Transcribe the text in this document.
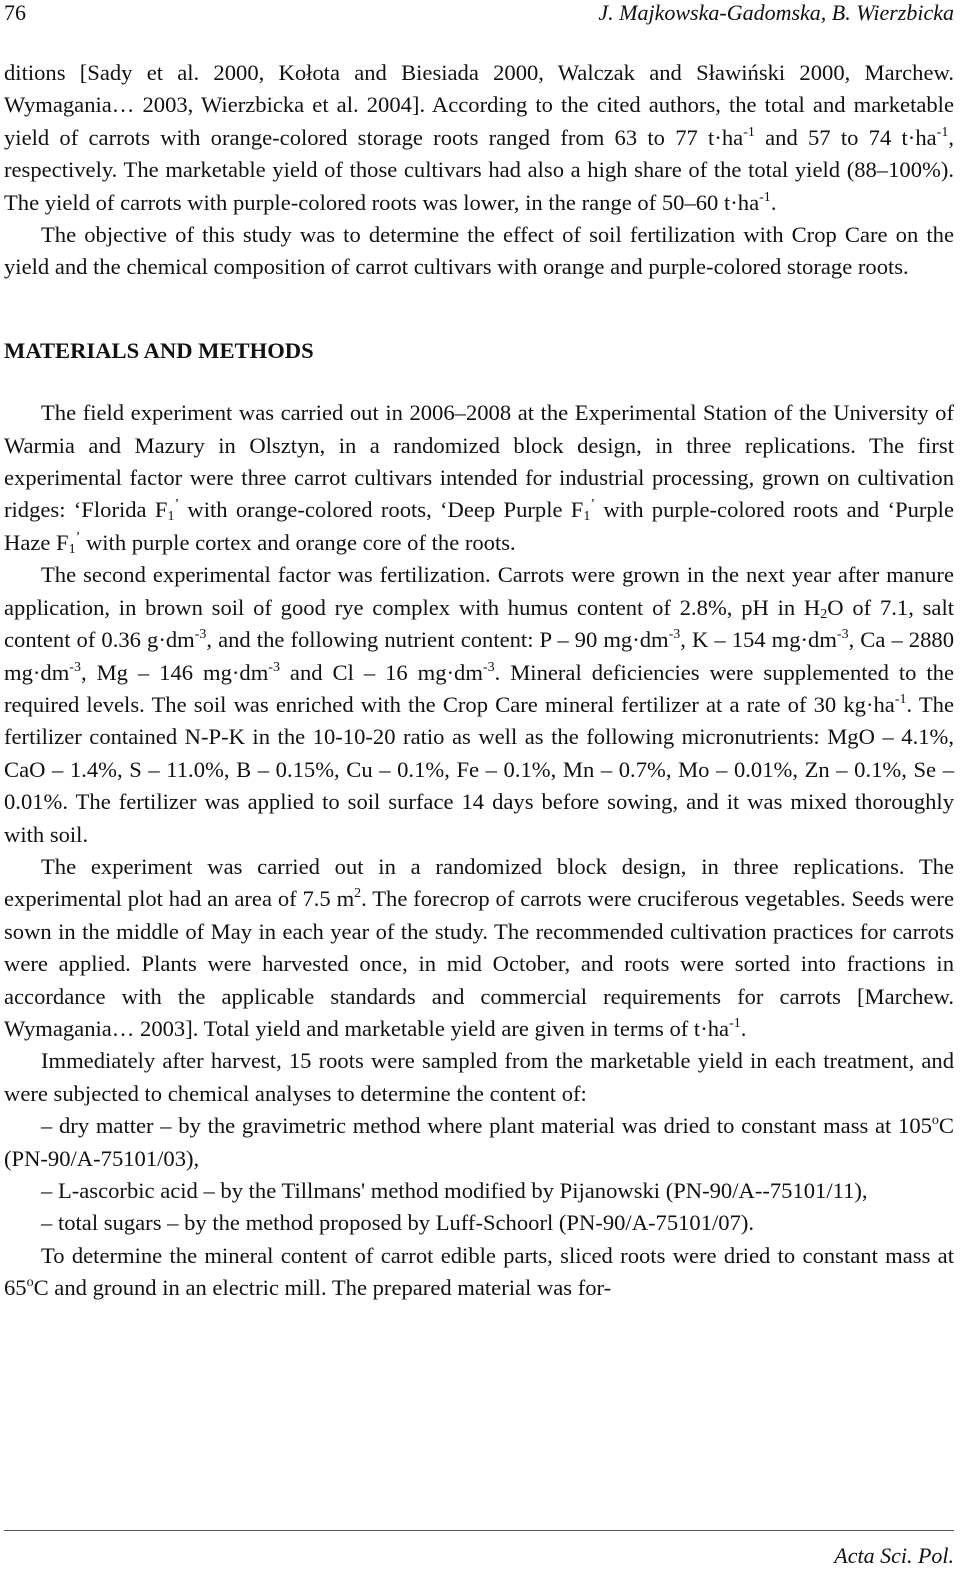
76	J. Majkowska-Gadomska, B. Wierzbicka

ditions [Sady et al. 2000, Kołota and Biesiada 2000, Walczak and Sławiński 2000, Marchew. Wymagania… 2003, Wierzbicka et al. 2004]. According to the cited authors, the total and marketable yield of carrots with orange-colored storage roots ranged from 63 to 77 $t\cdot ha^{-1}$ and 57 to 74 $t\cdot ha^{-1}$, respectively. The marketable yield of those cultivars had also a high share of the total yield (88–100%). The yield of carrots with purple-colored roots was lower, in the range of 50–60 $t\cdot ha^{-1}$.

The objective of this study was to determine the effect of soil fertilization with Crop Care on the yield and the chemical composition of carrot cultivars with orange and purple-colored storage roots.

MATERIALS AND METHODS

The field experiment was carried out in 2006–2008 at the Experimental Station of the University of Warmia and Mazury in Olsztyn, in a randomized block design, in three replications. The first experimental factor were three carrot cultivars intended for industrial processing, grown on cultivation ridges: ‘Florida $F_1^’$ with orange-colored roots, ‘Deep Purple $F_1^’$ with purple-colored roots and ‘Purple Haze $F_1^’$ with purple cortex and orange core of the roots.

The second experimental factor was fertilization. Carrots were grown in the next year after manure application, in brown soil of good rye complex with humus content of 2.8%, pH in $H_2O$ of 7.1, salt content of 0.36 $g\cdot dm^{-3}$, and the following nutrient content: P – 90 $mg\cdot dm^{-3}$, K – 154 $mg\cdot dm^{-3}$, Ca – 2880 $mg\cdot dm^{-3}$, Mg – 146 $mg\cdot dm^{-3}$ and Cl – 16 $mg\cdot dm^{-3}$. Mineral deficiencies were supplemented to the required levels. The soil was enriched with the Crop Care mineral fertilizer at a rate of 30 $kg\cdot ha^{-1}$. The fertilizer contained N-P-K in the 10-10-20 ratio as well as the following micronutrients: MgO – 4.1%, CaO – 1.4%, S – 11.0%, B – 0.15%, Cu – 0.1%, Fe – 0.1%, Mn – 0.7%, Mo – 0.01%, Zn – 0.1%, Se – 0.01%. The fertilizer was applied to soil surface 14 days before sowing, and it was mixed thoroughly with soil.

The experiment was carried out in a randomized block design, in three replications. The experimental plot had an area of 7.5 $m^2$. The forecrop of carrots were cruciferous vegetables. Seeds were sown in the middle of May in each year of the study. The recommended cultivation practices for carrots were applied. Plants were harvested once, in mid October, and roots were sorted into fractions in accordance with the applicable standards and commercial requirements for carrots [Marchew. Wymagania… 2003]. Total yield and marketable yield are given in terms of $t\cdot ha^{-1}$.

Immediately after harvest, 15 roots were sampled from the marketable yield in each treatment, and were subjected to chemical analyses to determine the content of:

– dry matter – by the gravimetric method where plant material was dried to constant mass at 105$^o$C (PN-90/A-75101/03),

– L-ascorbic acid – by the Tillmans' method modified by Pijanowski (PN-90/A--75101/11),

– total sugars – by the method proposed by Luff-Schoorl (PN-90/A-75101/07).

To determine the mineral content of carrot edible parts, sliced roots were dried to constant mass at 65$^o$C and ground in an electric mill. The prepared material was for-

Acta Sci. Pol.
